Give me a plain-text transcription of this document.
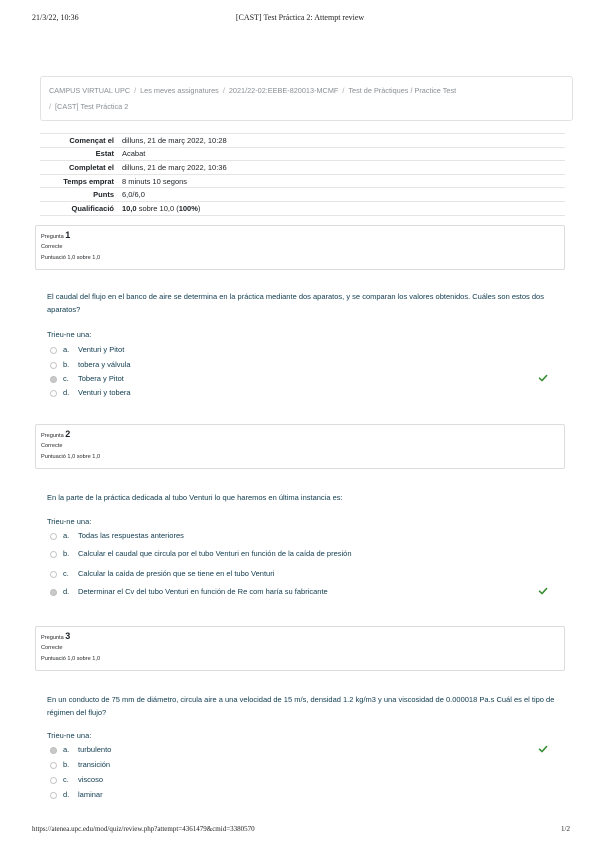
21/3/22, 10:36	[CAST] Test Práctica 2: Attempt review
CAMPUS VIRTUAL UPC / Les meves assignatures / 2021/22-02:EEBE-820013-MCMF / Test de Pràctiques / Practice Test
/ [CAST] Test Práctica 2
Començat el	dilluns, 21 de març 2022, 10:28
Estat	Acabat
Completat el	dilluns, 21 de març 2022, 10:36
Temps emprat	8 minuts 10 segons
Punts	6,0/6,0
Qualificació	10,0 sobre 10,0 (100%)
Pregunta 1
Correcte
Puntuació 1,0 sobre 1,0
El caudal del flujo en el banco de aire se determina en la práctica mediante dos aparatos, y se comparan los valores obtenidos. Cuáles son estos dos aparatos?
Trieu-ne una:
a. Venturi y Pitot
b. tobera y válvula
c. Tobera y Pitot
d. Venturi y tobera
Pregunta 2
Correcte
Puntuació 1,0 sobre 1,0
En la parte de la práctica dedicada al tubo Venturi lo que haremos en última instancia es:
Trieu-ne una:
a. Todas las respuestas anteriores
b. Calcular el caudal que circula por el tubo Venturi en función de la caída de presión
c. Calcular la caída de presión que se tiene en el tubo Venturi
d. Determinar el Cv del tubo Venturi en función de Re com haría su fabricante
Pregunta 3
Correcte
Puntuació 1,0 sobre 1,0
En un conducto de 75 mm de diámetro, circula aire a una velocidad de 15 m/s, densidad 1.2 kg/m3 y una viscosidad de 0.000018 Pa.s Cuál es el tipo de régimen del flujo?
Trieu-ne una:
a. turbulento
b. transición
c. viscoso
d. laminar
https://atenea.upc.edu/mod/quiz/review.php?attempt=4361479&cmid=3380570	1/2
